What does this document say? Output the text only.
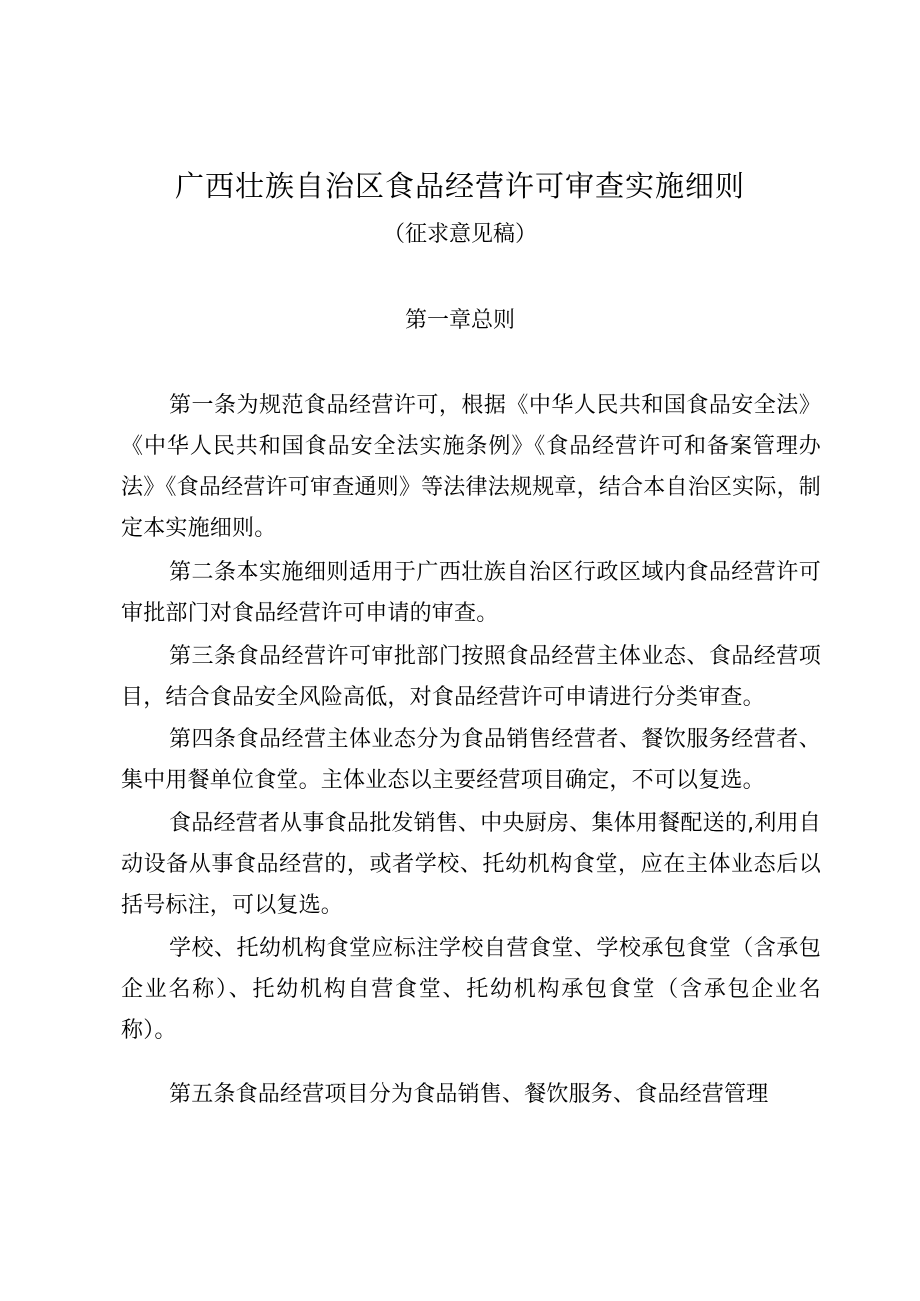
广西壮族自治区食品经营许可审查实施细则
（征求意见稿）
第一章总则

第一条为规范食品经营许可，根据《中华人民共和国食品安全法》《中华人民共和国食品安全法实施条例》《食品经营许可和备案管理办法》《食品经营许可审查通则》等法律法规规章，结合本自治区实际，制定本实施细则。

第二条本实施细则适用于广西壮族自治区行政区域内食品经营许可审批部门对食品经营许可申请的审查。

第三条食品经营许可审批部门按照食品经营主体业态、食品经营项目，结合食品安全风险高低，对食品经营许可申请进行分类审查。

第四条食品经营主体业态分为食品销售经营者、餐饮服务经营者、集中用餐单位食堂。主体业态以主要经营项目确定，不可以复选。

食品经营者从事食品批发销售、中央厨房、集体用餐配送的,利用自动设备从事食品经营的，或者学校、托幼机构食堂，应在主体业态后以括号标注，可以复选。

学校、托幼机构食堂应标注学校自营食堂、学校承包食堂（含承包企业名称）、托幼机构自营食堂、托幼机构承包食堂（含承包企业名称）。

第五条食品经营项目分为食品销售、餐饮服务、食品经营管理
